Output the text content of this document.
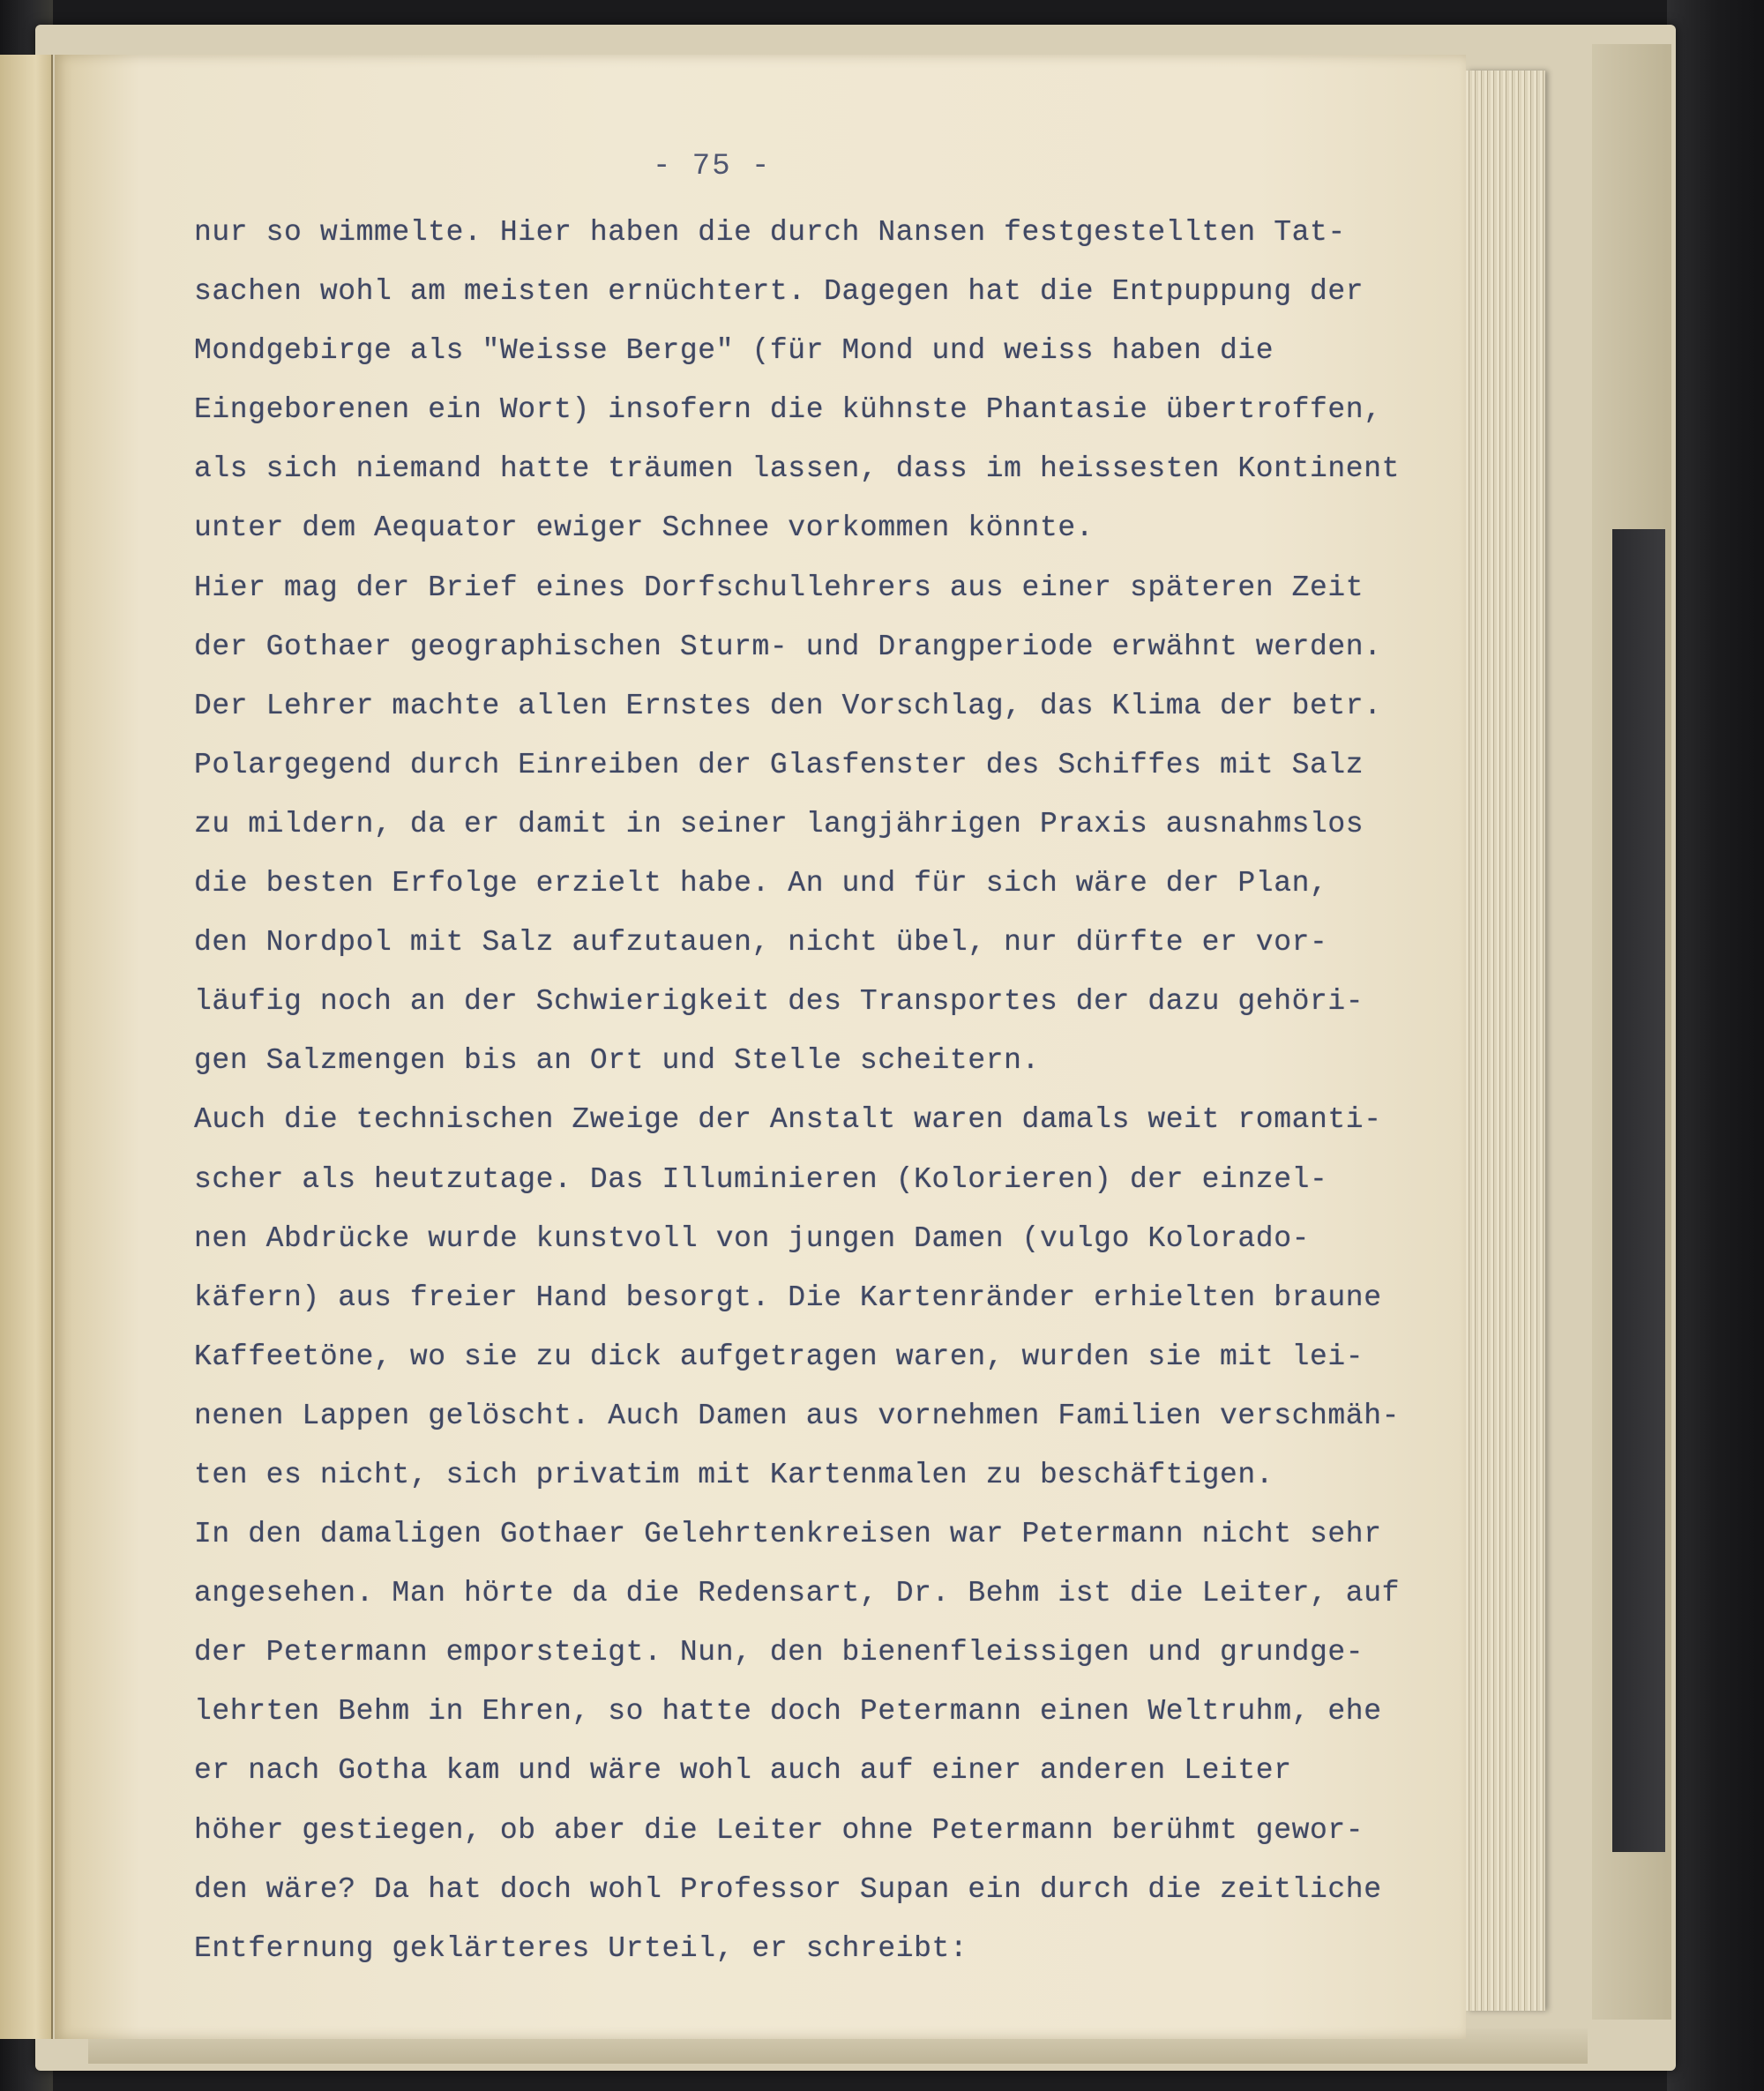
- 75 -
nur so wimmelte. Hier haben die durch Nansen festgestellten Tat-
sachen wohl am meisten ernüchtert. Dagegen hat die Entpuppung der
Mondgebirge als "Weisse Berge" (für Mond und weiss haben die
Eingeborenen ein Wort) insofern die kühnste Phantasie übertroffen,
als sich niemand hatte träumen lassen, dass im heissesten Kontinent
unter dem Aequator ewiger Schnee vorkommen könnte.
Hier mag der Brief eines Dorfschullehrers aus einer späteren Zeit
der Gothaer geographischen Sturm- und Drangperiode erwähnt werden.
Der Lehrer machte allen Ernstes den Vorschlag, das Klima der betr.
Polargegend durch Einreiben der Glasfenster des Schiffes mit Salz
zu mildern, da er damit in seiner langjährigen Praxis ausnahmslos
die besten Erfolge erzielt habe. An und für sich wäre der Plan,
den Nordpol mit Salz aufzutauen, nicht übel, nur dürfte er vor-
läufig noch an der Schwierigkeit des Transportes der dazu gehöri-
gen Salzmengen bis an Ort und Stelle scheitern.
Auch die technischen Zweige der Anstalt waren damals weit romanti-
scher als heutzutage. Das Illuminieren (Kolorieren) der einzel-
nen Abdrücke wurde kunstvoll von jungen Damen (vulgo Kolorado-
käfern) aus freier Hand besorgt. Die Kartenränder erhielten braune
Kaffeetöne, wo sie zu dick aufgetragen waren, wurden sie mit lei-
nenen Lappen gelöscht. Auch Damen aus vornehmen Familien verschmäh-
ten es nicht, sich privatim mit Kartenmalen zu beschäftigen.
In den damaligen Gothaer Gelehrtenkreisen war Petermann nicht sehr
angesehen. Man hörte da die Redensart, Dr. Behm ist die Leiter, auf
der Petermann emporsteigt. Nun, den bienenfleissigen und grundge-
lehrten Behm in Ehren, so hatte doch Petermann einen Weltruhm, ehe
er nach Gotha kam und wäre wohl auch auf einer anderen Leiter
höher gestiegen, ob aber die Leiter ohne Petermann berühmt gewor-
den wäre? Da hat doch wohl Professor Supan ein durch die zeitliche
Entfernung geklärteres Urteil, er schreibt:
